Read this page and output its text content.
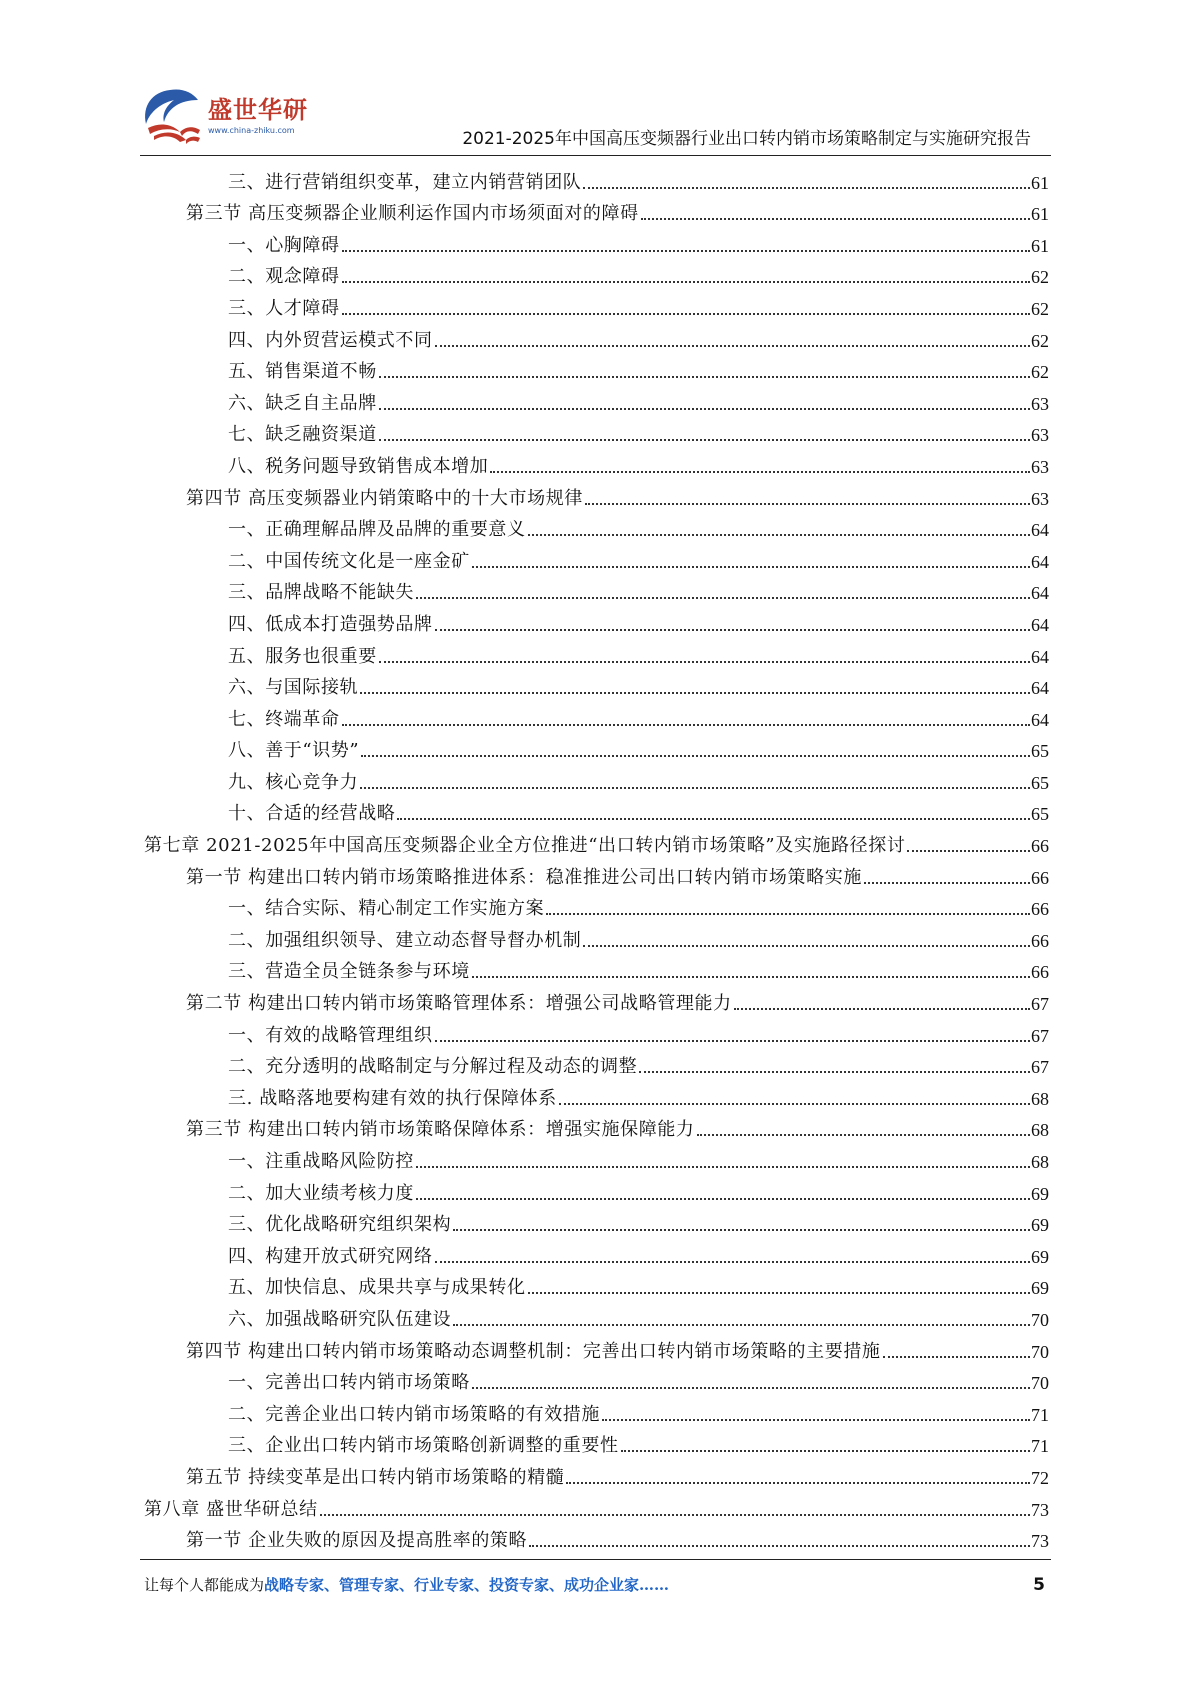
盛世华研
www.china-zhiku.com	2021-2025年中国高压变频器行业出口转内销市场策略制定与实施研究报告
三、进行营销组织变革，建立内销营销团队	61
第三节 高压变频器企业顺利运作国内市场须面对的障碍	61
一、心胸障碍	61
二、观念障碍	62
三、人才障碍	62
四、内外贸营运模式不同	62
五、销售渠道不畅	62
六、缺乏自主品牌	63
七、缺乏融资渠道	63
八、税务问题导致销售成本增加	63
第四节 高压变频器业内销策略中的十大市场规律	63
一、正确理解品牌及品牌的重要意义	64
二、中国传统文化是一座金矿	64
三、品牌战略不能缺失	64
四、低成本打造强势品牌	64
五、服务也很重要	64
六、与国际接轨	64
七、终端革命	64
八、善于“识势”	65
九、核心竞争力	65
十、合适的经营战略	65
第七章 2021-2025年中国高压变频器企业全方位推进“出口转内销市场策略”及实施路径探讨	66
第一节 构建出口转内销市场策略推进体系：稳准推进公司出口转内销市场策略实施	66
一、结合实际、精心制定工作实施方案	66
二、加强组织领导、建立动态督导督办机制	66
三、营造全员全链条参与环境	66
第二节 构建出口转内销市场策略管理体系：增强公司战略管理能力	67
一、有效的战略管理组织	67
二、充分透明的战略制定与分解过程及动态的调整	67
三. 战略落地要构建有效的执行保障体系	68
第三节 构建出口转内销市场策略保障体系：增强实施保障能力	68
一、注重战略风险防控	68
二、加大业绩考核力度	69
三、优化战略研究组织架构	69
四、构建开放式研究网络	69
五、加快信息、成果共享与成果转化	69
六、加强战略研究队伍建设	70
第四节 构建出口转内销市场策略动态调整机制：完善出口转内销市场策略的主要措施	70
一、完善出口转内销市场策略	70
二、完善企业出口转内销市场策略的有效措施	71
三、企业出口转内销市场策略创新调整的重要性	71
第五节 持续变革是出口转内销市场策略的精髓	72
第八章 盛世华研总结	73
第一节 企业失败的原因及提高胜率的策略	73
让每个人都能成为战略专家、管理专家、行业专家、投资专家、成功企业家……	5
